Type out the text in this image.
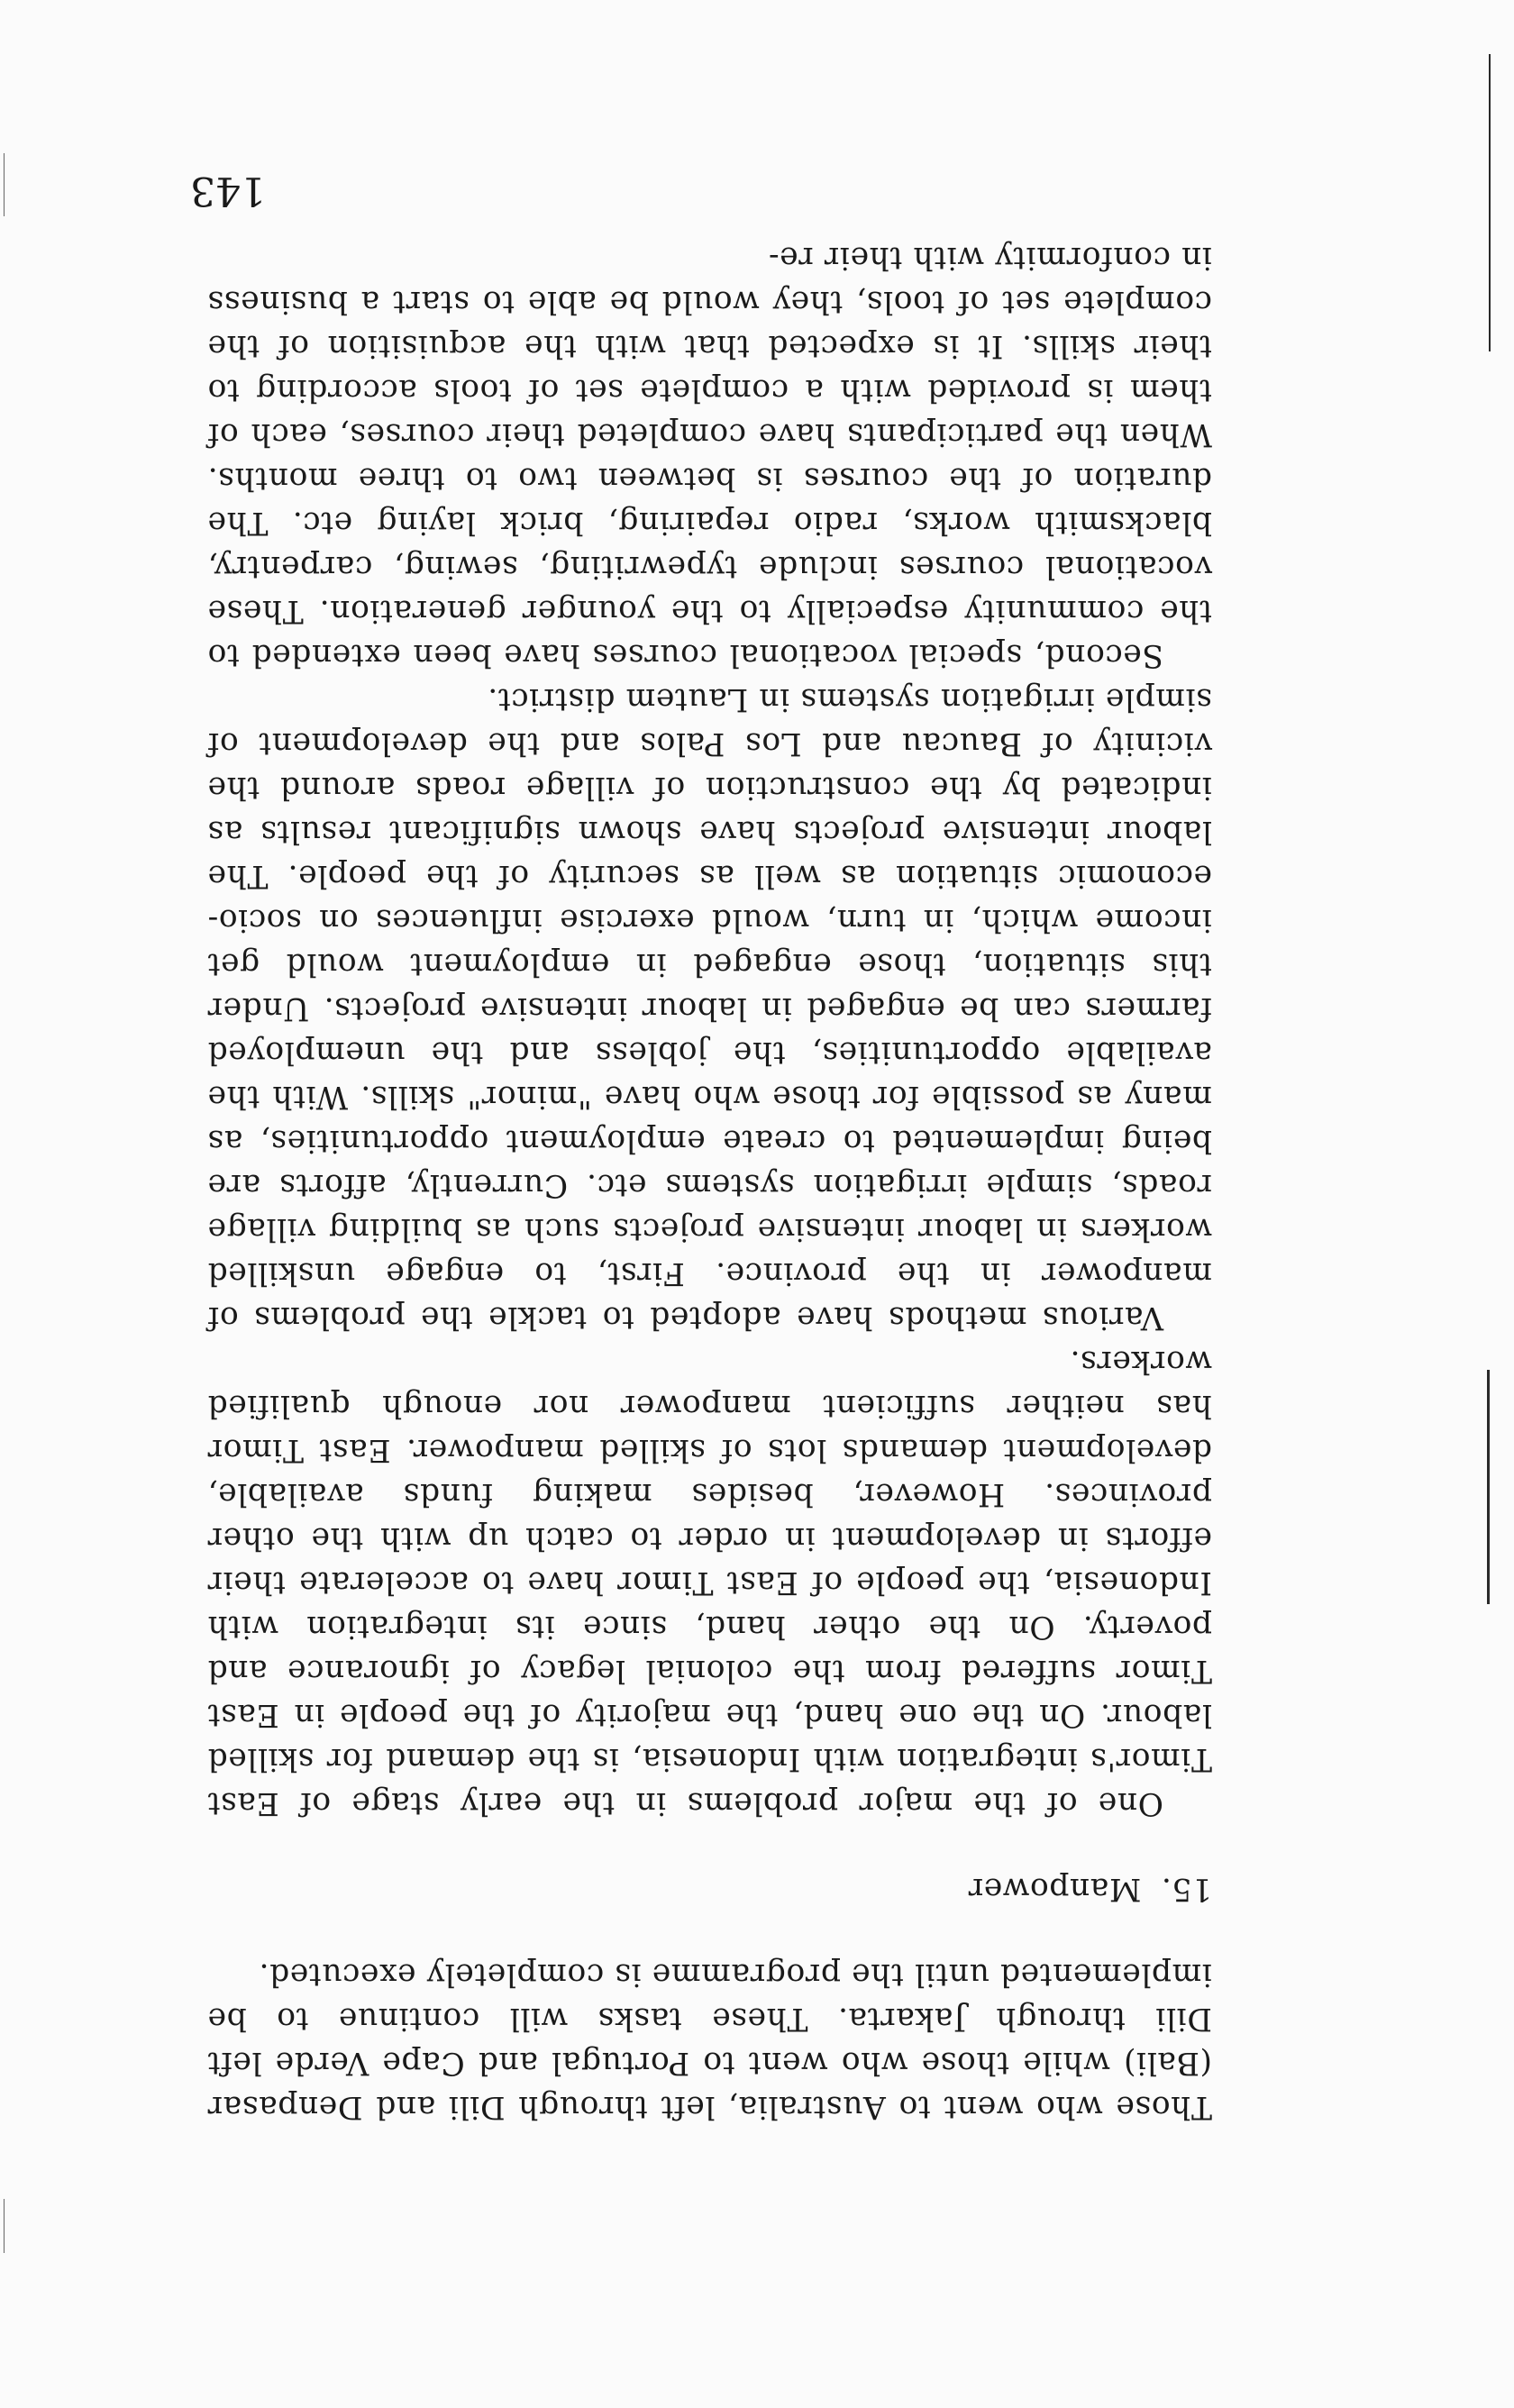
Those who went to Australia, left through Dili and Denpasar (Bali) while those who went to Portugal and Cape Verde left Dili through Jakarta. These tasks will continue to be implemented until the programme is completely executed.

15.Manpower

One of the major problems in the early stage of East Timor's integration with Indonesia, is the demand for skilled labour. On the one hand, the majority of the people in East Timor suffered from the colonial legacy of ignorance and poverty. On the other hand, since its integration with Indonesia, the people of East Timor have to accelerate their efforts in development in order to catch up with the other provinces. However, besides making funds available, development demands lots of skilled manpower. East Timor has neither sufficient manpower nor enough qualified workers.

Various methods have adopted to tackle the problems of manpower in the province. First, to engage unskilled workers in labour intensive projects such as building village roads, simple irrigation systems etc. Currently, afforts are being implemented to create employment opportunities, as many as possible for those who have "minor" skills. With the available opportunities, the jobless and the unemployed farmers can be engaged in labour intensive projects. Under this situation, those engaged in employment would get income which, in turn, would exercise influences on socio-economic situation as well as security of the people. The labour intensive projects have shown significant results as indicated by the construction of village roads around the vicinity of Baucau and Los Palos and the development of simple irrigation systems in Lautem district.

Second, special vocational courses have been extended to the community especially to the younger generation. These vocational courses include typewriting, sewing, carpentry, blacksmith works, radio repairing, brick laying etc. The duration of the courses is between two to three months. When the participants have completed their courses, each of them is provided with a complete set of tools according to their skills. It is expected that with the acquisition of the complete set of tools, they would be able to start a business in conformity with their re-

143
